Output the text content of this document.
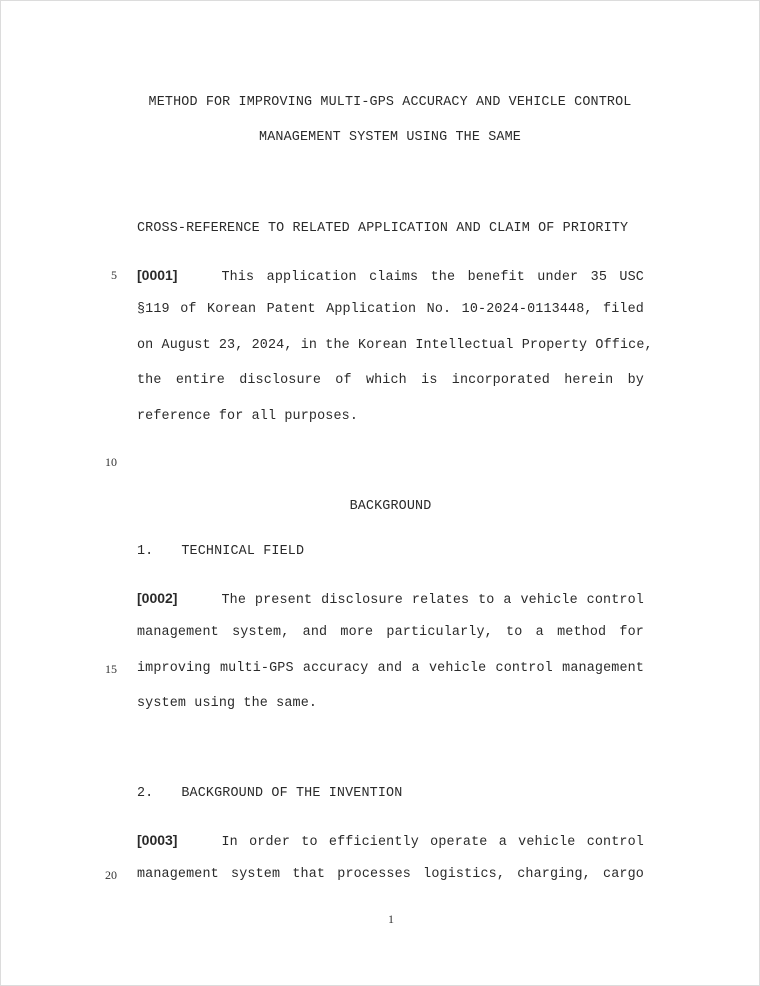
METHOD FOR IMPROVING MULTI-GPS ACCURACY AND VEHICLE CONTROL
MANAGEMENT SYSTEM USING THE SAME
CROSS-REFERENCE TO RELATED APPLICATION AND CLAIM OF PRIORITY
[0001]	This application claims the benefit under 35 USC
§119 of Korean Patent Application No. 10-2024-0113448, filed
on August 23, 2024, in the Korean Intellectual Property Office,
the entire disclosure of which is incorporated herein by
reference for all purposes.
BACKGROUND
1. TECHNICAL FIELD
[0002]	The present disclosure relates to a vehicle control
management system, and more particularly, to a method for
improving multi-GPS accuracy and a vehicle control management
system using the same.
2. BACKGROUND OF THE INVENTION
[0003]	In order to efficiently operate a vehicle control
management system that processes logistics, charging, cargo
5
10
15
20
1
